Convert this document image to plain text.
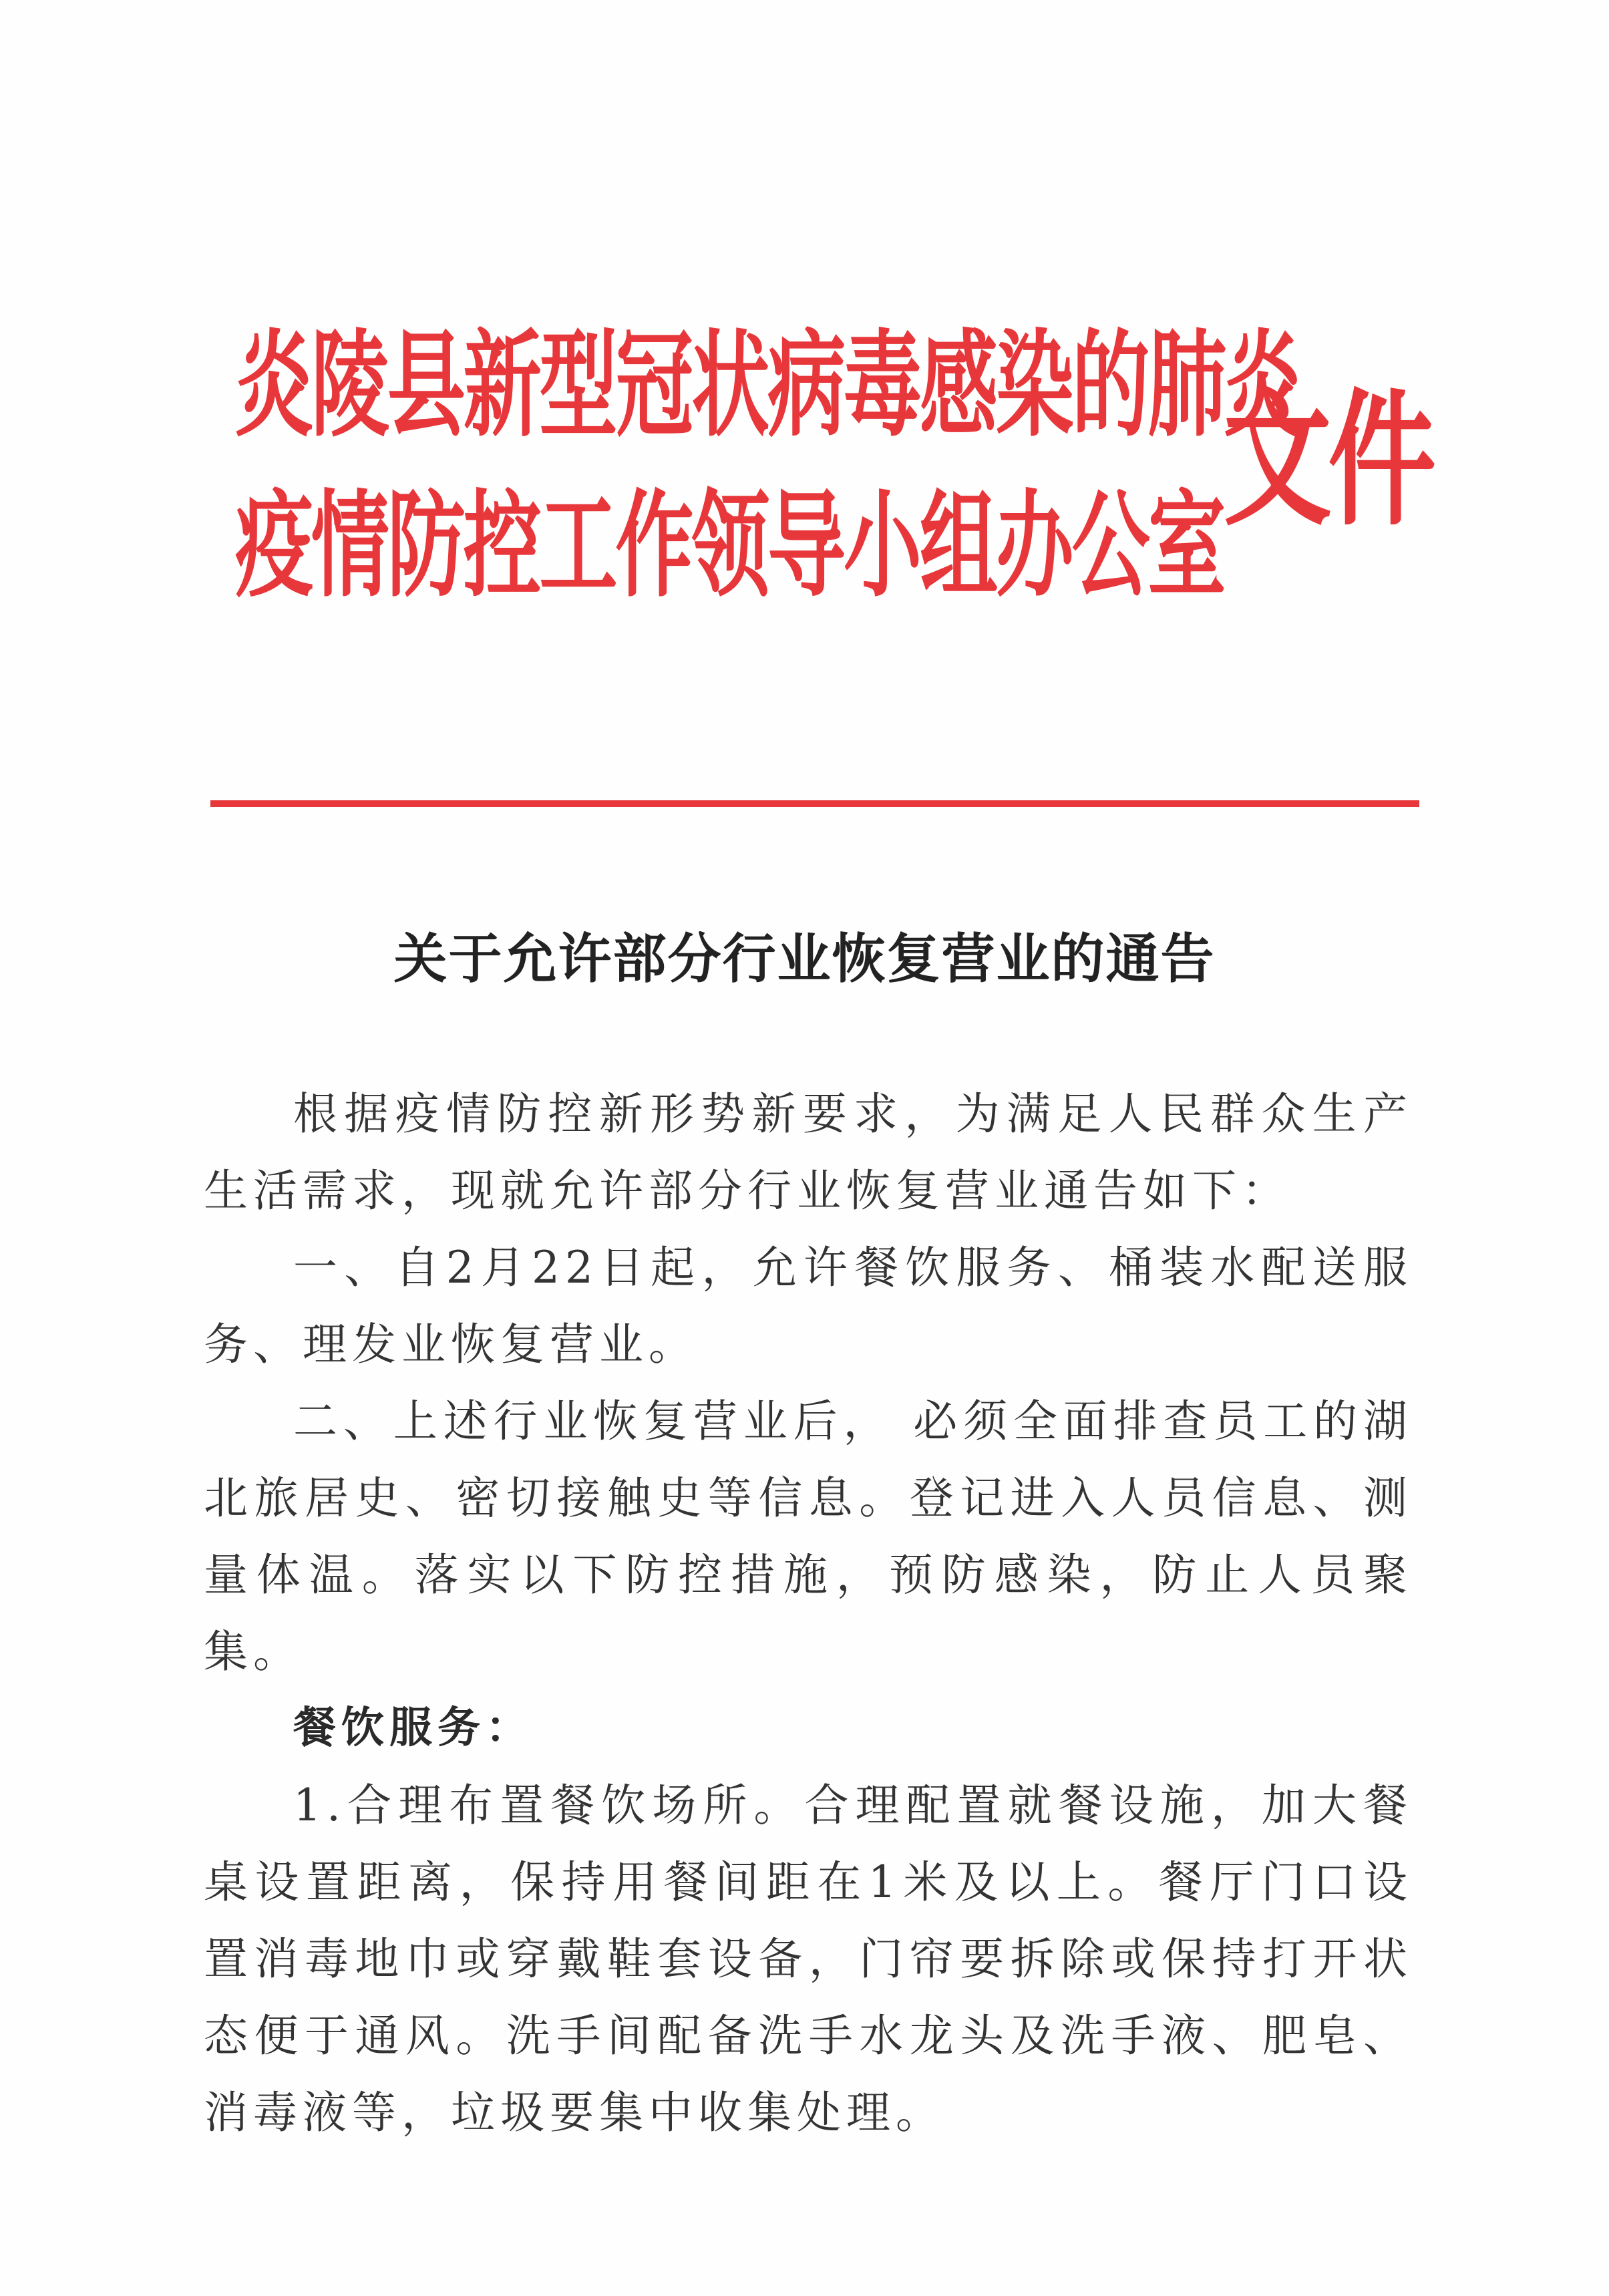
炎陵县新型冠状病毒感染的肺炎
疫情防控工作领导小组办公室
文件
关于允许部分行业恢复营业的通告

根据疫情防控新形势新要求，为满足人民群众生产生活需求，现就允许部分行业恢复营业通告如下：

一、自2月22日起，允许餐饮服务、桶装水配送服务、理发业恢复营业。

二、上述行业恢复营业后， 必须全面排查员工的湖北旅居史、密切接触史等信息。登记进入人员信息、测量体温。落实以下防控措施，预防感染，防止人员聚集。

餐饮服务：

1.合理布置餐饮场所。合理配置就餐设施，加大餐桌设置距离，保持用餐间距在1米及以上。餐厅门口设置消毒地巾或穿戴鞋套设备，门帘要拆除或保持打开状态便于通风。洗手间配备洗手水龙头及洗手液、肥皂、消毒液等，垃圾要集中收集处理。
